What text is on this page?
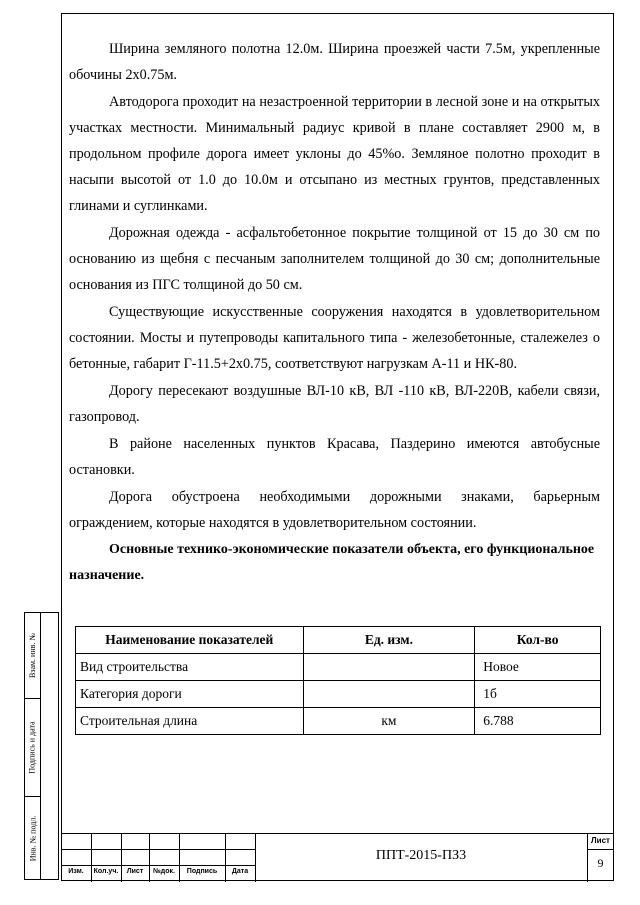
Ширина земляного полотна 12.0м. Ширина проезжей части 7.5м, укрепленные обочины 2х0.75м.

Автодорога проходит на незастроенной территории в лесной зоне и на открытых участках местности. Минимальный радиус кривой в плане составляет 2900 м, в продольном профиле дорога имеет уклоны до 45%о. Земляное полотно проходит в насыпи высотой от 1.0 до 10.0м и отсыпано из местных грунтов, представленных глинами и суглинками.

Дорожная одежда - асфальтобетонное покрытие толщиной от 15 до 30 см по основанию из щебня с песчаным заполнителем толщиной до 30 см; дополнительные основания из ПГС толщиной до 50 см.

Существующие искусственные сооружения находятся в удовлетворительном состоянии. Мосты и путепроводы капитального типа - железобетонные, сталежелез о бетонные, габарит Г-11.5+2х0.75, соответствуют нагрузкам А-11 и НК-80.

Дорогу пересекают воздушные ВЛ-10 кВ, ВЛ -110 кВ, ВЛ-220В, кабели связи, газопровод.

В районе населенных пунктов Красава, Паздерино имеются автобусные остановки.

Дорога обустроена необходимыми дорожными знаками, барьерным ограждением, которые находятся в удовлетворительном состоянии.

Основные технико-экономические показатели объекта, его функциональное назначение.

Наименование показателей	Ед. изм.	Кол-во
Вид строительства		Новое
Категория дороги		1б
Строительная длина	км	6.788
Взам. инв. №
Подпись и дата
Инв. № подл.
Изм.	Кол.уч.	Лист	№док.	Подпись	Дата
ППТ-2015-ПЗ3
Лист
9
